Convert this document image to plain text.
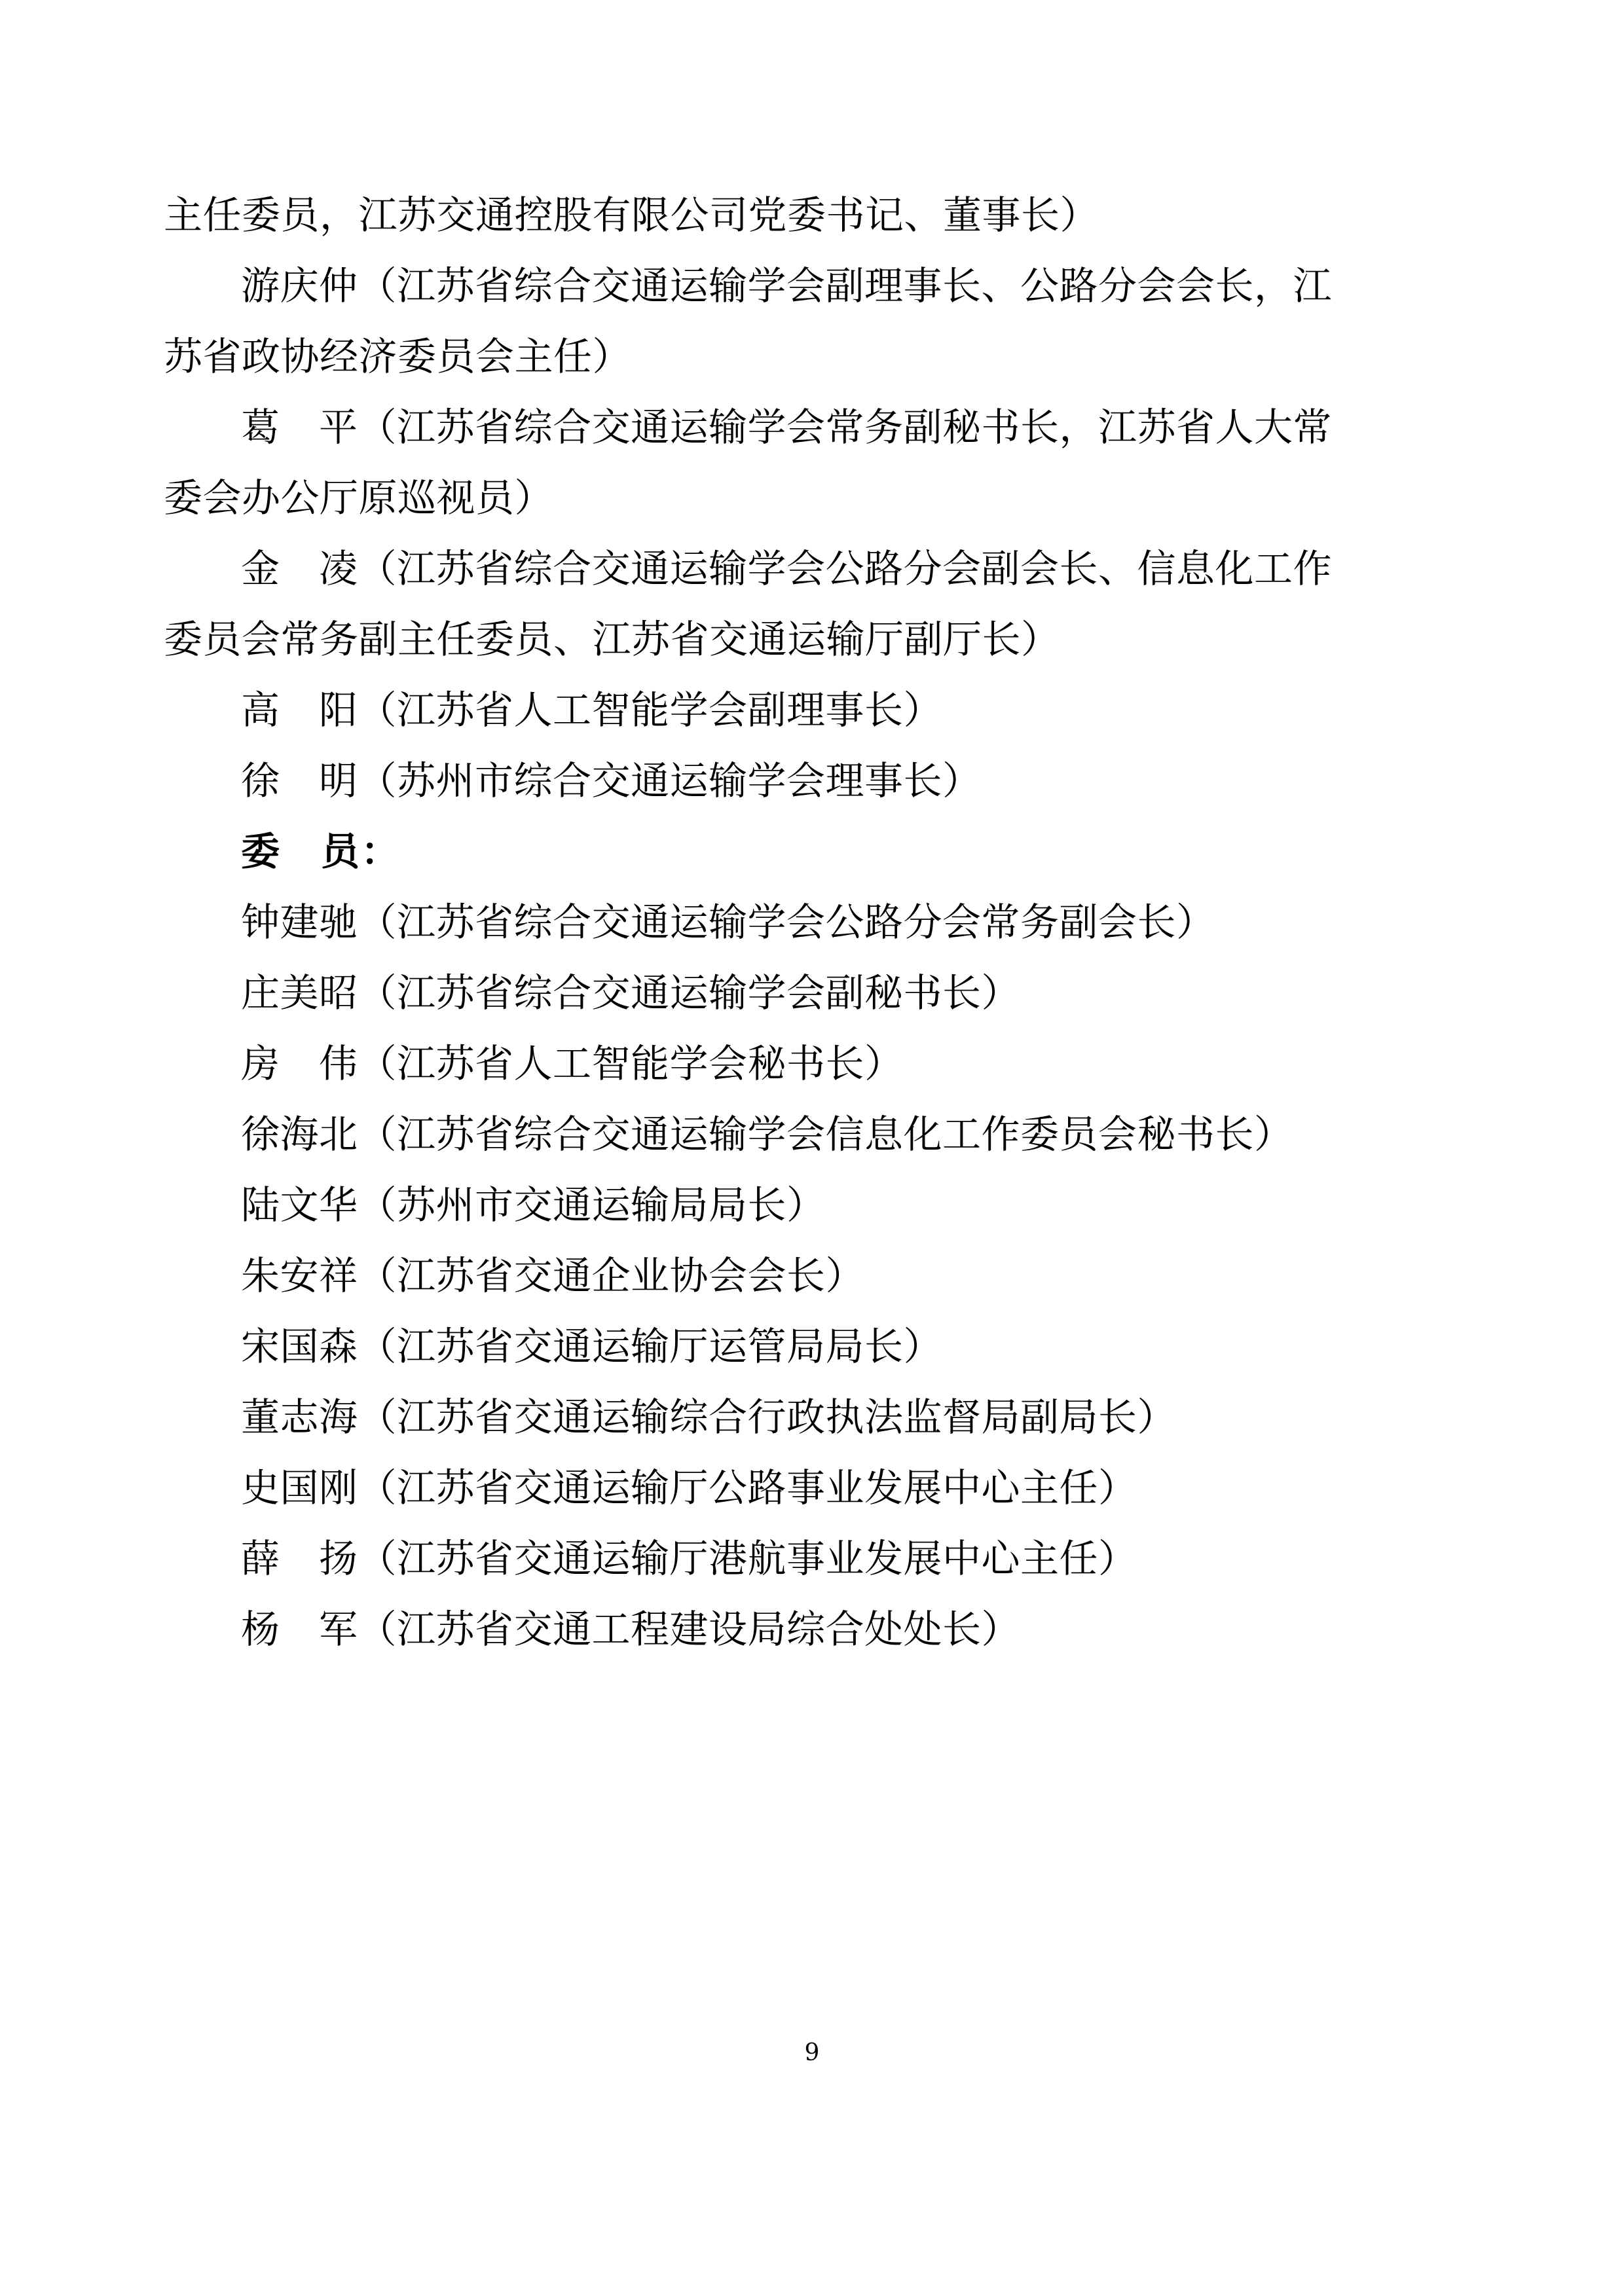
主任委员，江苏交通控股有限公司党委书记、董事长）
游庆仲（江苏省综合交通运输学会副理事长、公路分会会长，江
苏省政协经济委员会主任）
葛　平（江苏省综合交通运输学会常务副秘书长，江苏省人大常
委会办公厅原巡视员）
金　凌（江苏省综合交通运输学会公路分会副会长、信息化工作
委员会常务副主任委员、江苏省交通运输厅副厅长）
高　阳（江苏省人工智能学会副理事长）
徐　明（苏州市综合交通运输学会理事长）
委　员：
钟建驰（江苏省综合交通运输学会公路分会常务副会长）
庄美昭（江苏省综合交通运输学会副秘书长）
房　伟（江苏省人工智能学会秘书长）
徐海北（江苏省综合交通运输学会信息化工作委员会秘书长）
陆文华（苏州市交通运输局局长）
朱安祥（江苏省交通企业协会会长）
宋国森（江苏省交通运输厅运管局局长）
董志海（江苏省交通运输综合行政执法监督局副局长）
史国刚（江苏省交通运输厅公路事业发展中心主任）
薛　扬（江苏省交通运输厅港航事业发展中心主任）
杨　军（江苏省交通工程建设局综合处处长）
9
